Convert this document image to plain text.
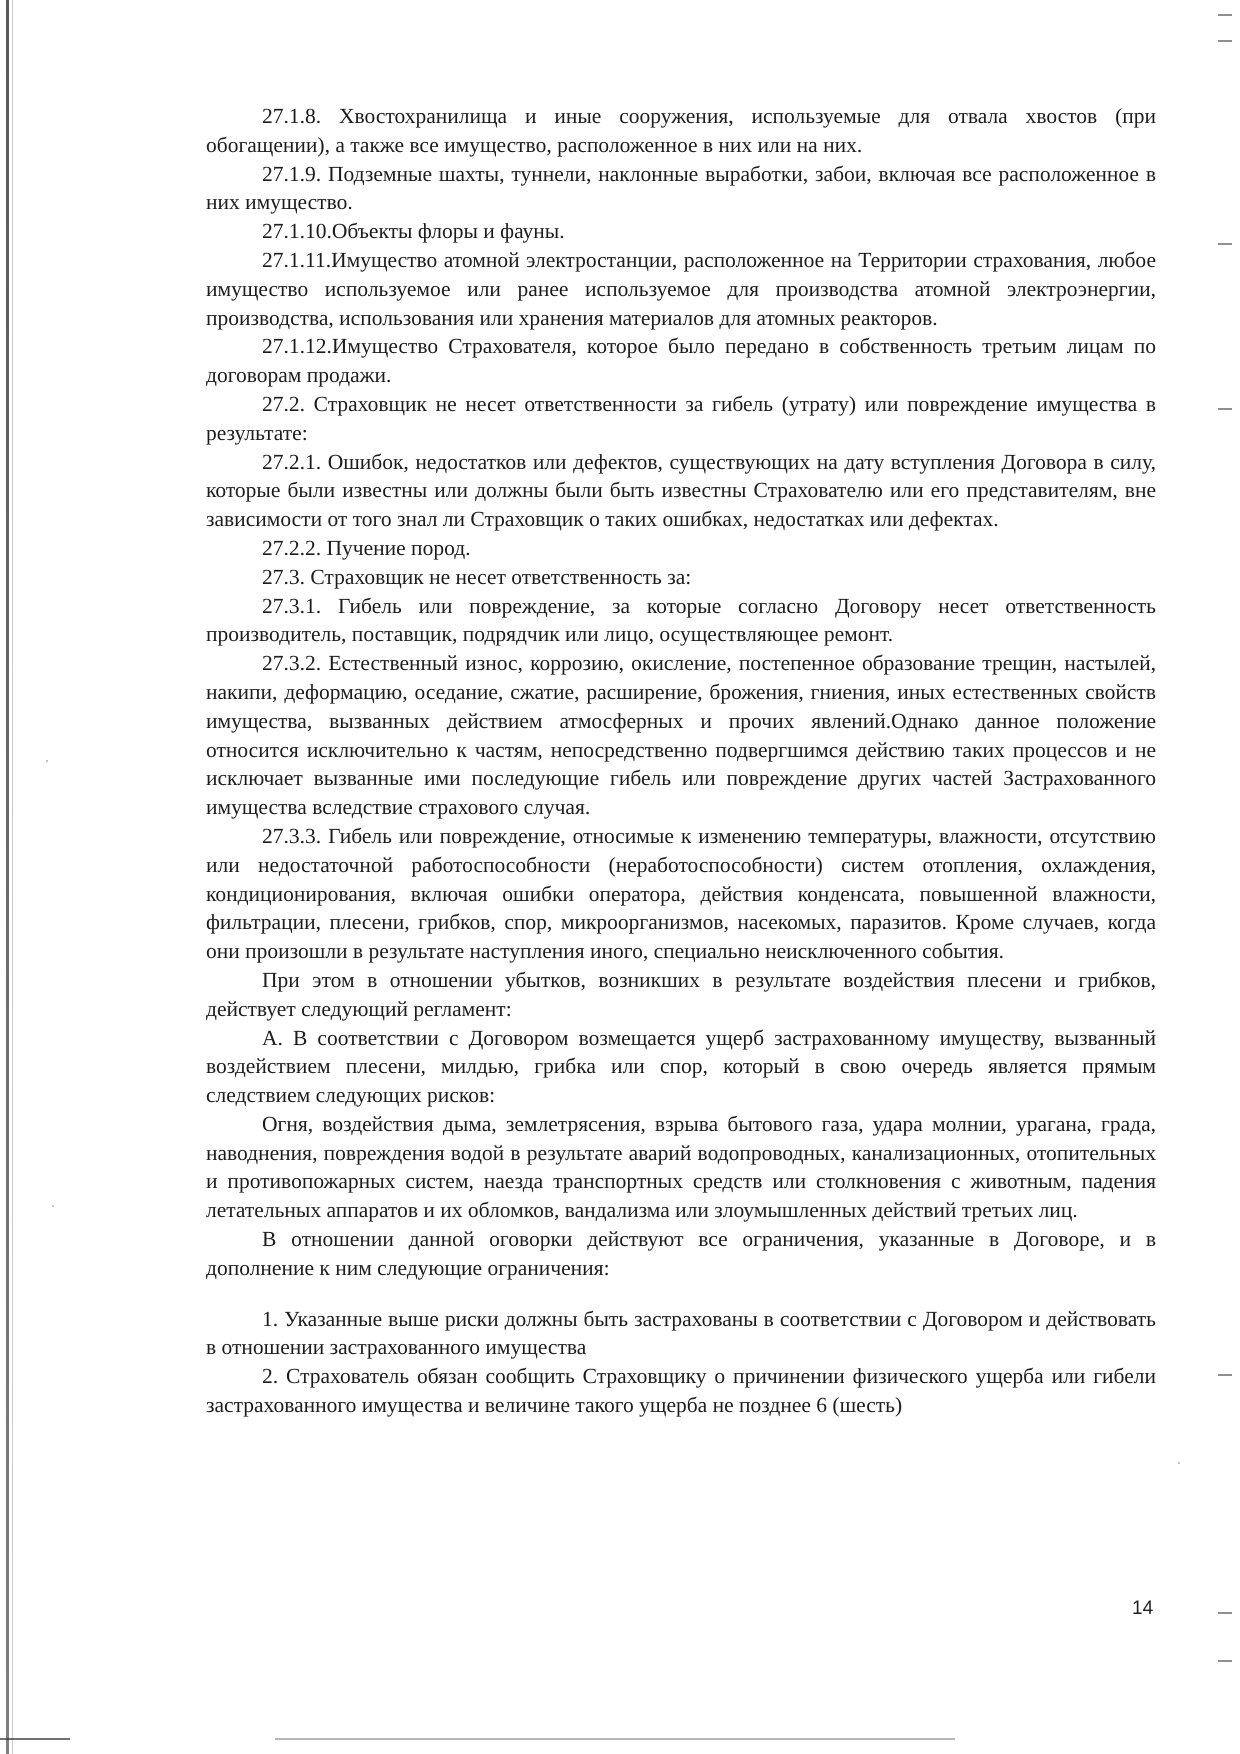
27.1.8. Хвостохранилища и иные сооружения, используемые для отвала хвостов (при обогащении), а также все имущество, расположенное в них или на них.

27.1.9. Подземные шахты, туннели, наклонные выработки, забои, включая все расположенное в них имущество.

27.1.10.Объекты флоры и фауны.

27.1.11.Имущество атомной электростанции, расположенное на Территории страхования, любое имущество используемое или ранее используемое для производства атомной электроэнергии, производства, использования или хранения материалов для атомных реакторов.

27.1.12.Имущество Страхователя, которое было передано в собственность третьим лицам по договорам продажи.

27.2. Страховщик не несет ответственности за гибель (утрату) или повреждение имущества в результате:

27.2.1. Ошибок, недостатков или дефектов, существующих на дату вступления Договора в силу, которые были известны или должны были быть известны Страхователю или его представителям, вне зависимости от того знал ли Страховщик о таких ошибках, недостатках или дефектах.

27.2.2. Пучение пород.

27.3. Страховщик не несет ответственность за:

27.3.1. Гибель или повреждение, за которые согласно Договору несет ответственность производитель, поставщик, подрядчик или лицо, осуществляющее ремонт.

27.3.2. Естественный износ, коррозию, окисление, постепенное образование трещин, настылей, накипи, деформацию, оседание, сжатие, расширение, брожения, гниения, иных естественных свойств имущества, вызванных действием атмосферных и прочих явлений.Однако данное положение относится исключительно к частям, непосредственно подвергшимся действию таких процессов и не исключает вызванные ими последующие гибель или повреждение других частей Застрахованного имущества вследствие страхового случая.

27.3.3. Гибель или повреждение, относимые к изменению температуры, влажности, отсутствию или недостаточной работоспособности (неработоспособности) систем отопления, охлаждения, кондиционирования, включая ошибки оператора, действия конденсата, повышенной влажности, фильтрации, плесени, грибков, спор, микроорганизмов, насекомых, паразитов. Кроме случаев, когда они произошли в результате наступления иного, специально неисключенного события.

При этом в отношении убытков, возникших в результате воздействия плесени и грибков, действует следующий регламент:

А. В соответствии с Договором возмещается ущерб застрахованному имуществу, вызванный воздействием плесени, милдью, грибка или спор, который в свою очередь является прямым следствием следующих рисков:

Огня, воздействия дыма, землетрясения, взрыва бытового газа, удара молнии, урагана, града, наводнения, повреждения водой в результате аварий водопроводных, канализационных, отопительных и противопожарных систем, наезда транспортных средств или столкновения с животным, падения летательных аппаратов и их обломков, вандализма или злоумышленных действий третьих лиц.

В отношении данной оговорки действуют все ограничения, указанные в Договоре, и в дополнение к ним следующие ограничения:

1. Указанные выше риски должны быть застрахованы в соответствии с Договором и действовать в отношении застрахованного имущества

2. Страхователь обязан сообщить Страховщику о причинении физического ущерба или гибели застрахованного имущества и величине такого ущерба не позднее 6 (шесть)

14
